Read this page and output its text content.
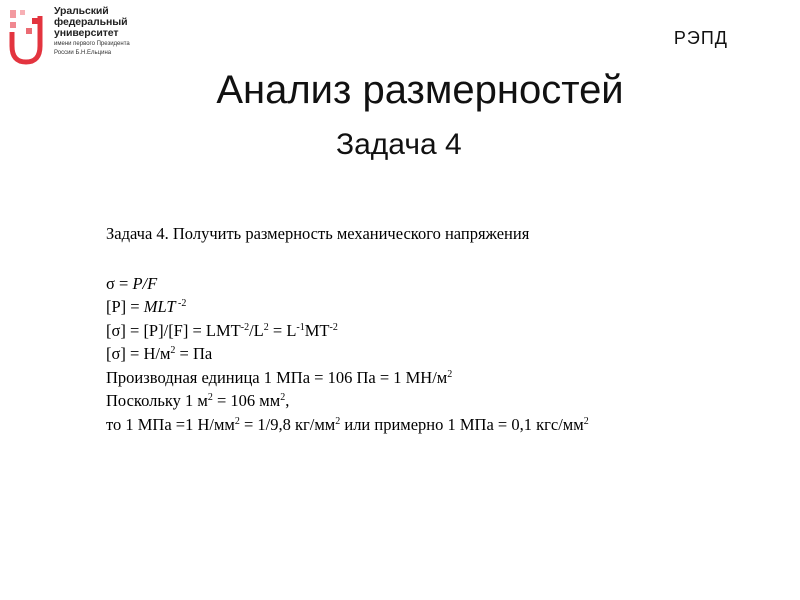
Уральский
федеральный
университет
имени первого Президента
России Б.Н.Ельцина
РЭПД
Анализ размерностей
Задача 4
Задача 4. Получить размерность механического напряжения
σ = P/F
[P] = MLT $^{-2}$
$[\sigma] = [P]/[F] = LMT^{-2}/L^2 = L^{-1}MT^{-2}$
$[\sigma] = Н/м^2$ = Па
Производная единица 1 МПа = 106 Па = 1 $МН/м^2$
Поскольку 1 $м^2 = 106$ $мм^2$,
то 1 МПа =1 $Н/мм^2 = 1/9,8$ $кг/мм^2$ или примерно 1 МПа = 0,1 кгс/$мм^2$
